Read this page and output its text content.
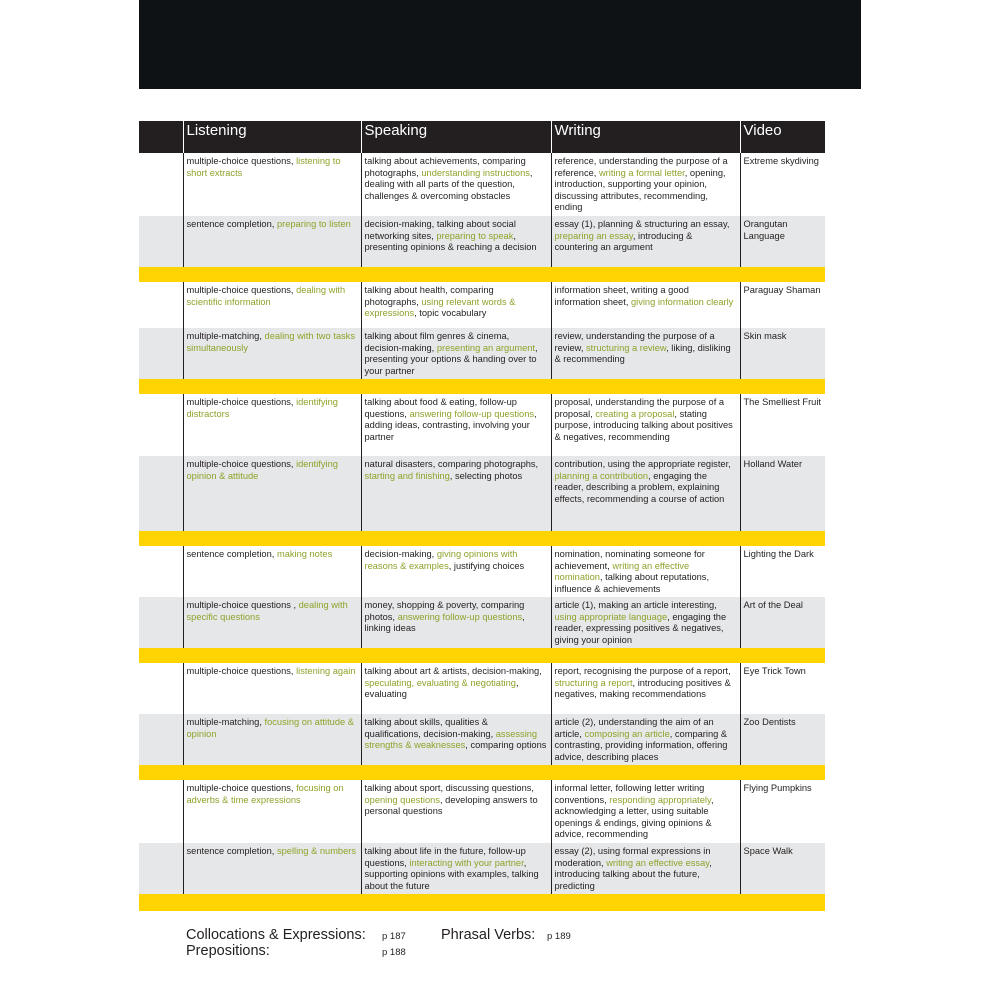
	Listening	Speaking	Writing	Video
	multiple-choice questions, listening to short extracts	talking about achievements, comparing photographs, understanding instructions, dealing with all parts of the question, challenges & overcoming obstacles	reference, understanding the purpose of a reference, writing a formal letter, opening, introduction, supporting your opinion, discussing attributes, recommending, ending	Extreme skydiving
	sentence completion, preparing to listen	decision-making, talking about social networking sites, preparing to speak, presenting opinions & reaching a decision	essay (1), planning & structuring an essay, preparing an essay, introducing & countering an argument	Orangutan Language

	multiple-choice questions, dealing with scientific information	talking about health, comparing photographs, using relevant words & expressions, topic vocabulary	information sheet, writing a good information sheet, giving information clearly	Paraguay Shaman
	multiple-matching, dealing with two tasks simultaneously	talking about film genres & cinema, decision-making, presenting an argument, presenting your options & handing over to your partner	review, understanding the purpose of a review, structuring a review, liking, disliking & recommending	Skin mask

	multiple-choice questions, identifying distractors	talking about food & eating, follow-up questions, answering follow-up questions, adding ideas, contrasting, involving your partner	proposal, understanding the purpose of a proposal, creating a proposal, stating purpose, introducing talking about positives & negatives, recommending	The Smelliest Fruit
	multiple-choice questions, identifying opinion & attitude	natural disasters, comparing photographs, starting and finishing, selecting photos	contribution, using the appropriate register, planning a contribution, engaging the reader, describing a problem, explaining effects, recommending a course of action	Holland Water

	sentence completion, making notes	decision-making, giving opinions with reasons & examples, justifying choices	nomination, nominating someone for achievement, writing an effective nomination, talking about reputations, influence & achievements	Lighting the Dark
	multiple-choice questions , dealing with specific questions	money, shopping & poverty, comparing photos, answering follow-up questions, linking ideas	article (1), making an article interesting, using appropriate language, engaging the reader, expressing positives & negatives, giving your opinion	Art of the Deal

	multiple-choice questions, listening again	talking about art & artists, decision-making, speculating, evaluating & negotiating, evaluating	report, recognising the purpose of a report, structuring a report, introducing positives & negatives, making recommendations	Eye Trick Town
	multiple-matching, focusing on attitude & opinion	talking about skills, qualities & qualifications, decision-making, assessing strengths & weaknesses, comparing options	article (2), understanding the aim of an article, composing an article, comparing & contrasting, providing information, offering advice, describing places	Zoo Dentists

	multiple-choice questions, focusing on adverbs & time expressions	talking about sport, discussing questions, opening questions, developing answers to personal questions	informal letter, following letter writing conventions, responding appropriately, acknowledging a letter, using suitable openings & endings, giving opinions & advice, recommending	Flying Pumpkins
	sentence completion, spelling & numbers	talking about life in the future, follow-up questions, interacting with your partner, supporting opinions with examples, talking about the future	essay (2), using formal expressions in moderation, writing an effective essay, introducing talking about the future, predicting	Space Walk

Collocations & Expressions: p 187
Prepositions:	p 188
Phrasal Verbs: p 189
